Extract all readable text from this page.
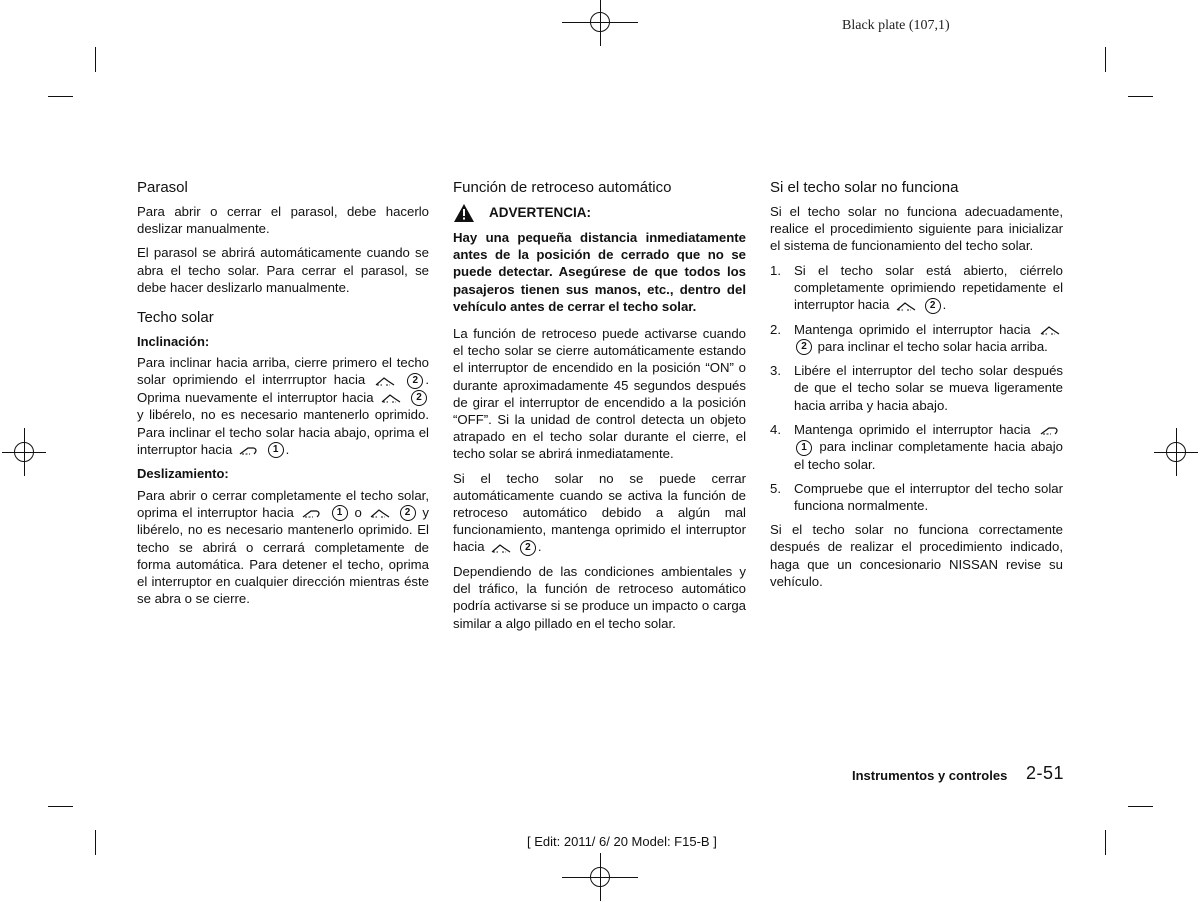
Black plate (107,1)
Parasol

Para abrir o cerrar el parasol, debe hacerlo deslizar manualmente.

El parasol se abrirá automáticamente cuando se abra el techo solar. Para cerrar el parasol, se debe hacer deslizarlo manualmente.

Techo solar
Inclinación:

Para inclinar hacia arriba, cierre primero el techo solar oprimiendo el interrruptor hacia	2 . Oprima nuevamente el interruptor hacia	2 y libérelo, no es necesario mantenerlo oprimido. Para inclinar el techo solar hacia abajo, oprima el interruptor hacia	1 .

Deslizamiento:

Para abrir o cerrar completamente el techo solar, oprima el interruptor hacia	1 o	2 y libérelo, no es necesario mantenerlo oprimido. El techo se abrirá o cerrará completamente de forma automática. Para detener el techo, oprima el interruptor en cualquier dirección mientras éste se abra o se cierre.

Función de retroceso automático
ADVERTENCIA:

Hay una pequeña distancia inmediatamente antes de la posición de cerrado que no se puede detectar. Asegúrese de que todos los pasajeros tienen sus manos, etc., dentro del vehículo antes de cerrar el techo solar.

La función de retroceso puede activarse cuando el techo solar se cierre automáticamente estando el interruptor de encendido en la posición “ON” o durante aproximadamente 45 segundos después de girar el interruptor de encendido a la posición “OFF”. Si la unidad de control detecta un objeto atrapado en el techo solar durante el cierre, el techo solar se abrirá inmediatamente.

Si el techo solar no se puede cerrar automáticamente cuando se activa la función de retroceso automático debido a algún mal funcionamiento, mantenga oprimido el interruptor hacia	2 .

Dependiendo de las condiciones ambientales y del tráfico, la función de retroceso automático podría activarse si se produce un impacto o carga similar a algo pillado en el techo solar.

Si el techo solar no funciona

Si el techo solar no funciona adecuadamente, realice el procedimiento siguiente para inicializar el sistema de funcionamiento del techo solar.

1. Si el techo solar está abierto, ciérrelo completamente oprimiendo repetidamente el interruptor hacia	2 .
2. Mantenga oprimido el interruptor hacia  2 para inclinar el techo solar hacia arriba.
3. Libére el interruptor del techo solar después de que el techo solar se mueva ligeramente hacia arriba y hacia abajo.
4. Mantenga oprimido el interruptor hacia  1 para inclinar completamente hacia abajo el techo solar.
5. Compruebe que el interruptor del techo solar funciona normalmente.

Si el techo solar no funciona correctamente después de realizar el procedimiento indicado, haga que un concesionario NISSAN revise su vehículo.

Instrumentos y controles 2-51
[ Edit: 2011/ 6/ 20 Model: F15-B ]
